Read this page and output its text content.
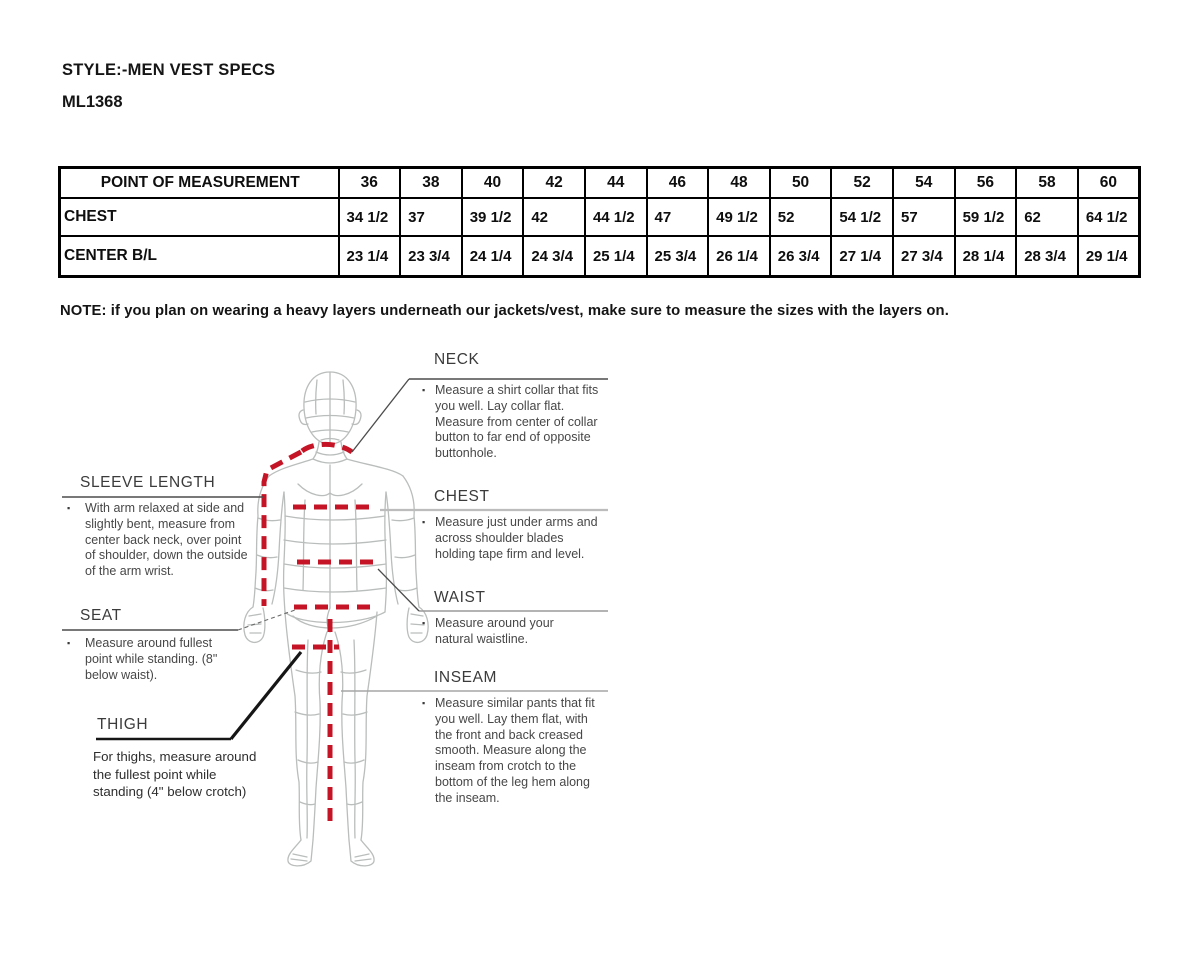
STYLE:-MEN VEST SPECS
ML1368
POINT OF MEASUREMENT	36	38	40	42	44	46	48	50	52	54	56	58	60
CHEST	34 1/2	37	39 1/2	42	44 1/2	47	49 1/2	52	54 1/2	57	59 1/2	62	64 1/2
CENTER B/L	23 1/4	23 3/4	24 1/4	24 3/4	25 1/4	25 3/4	26 1/4	26 3/4	27 1/4	27 3/4	28 1/4	28 3/4	29 1/4
NOTE: if you plan on wearing a heavy layers underneath our jackets/vest, make sure to measure the sizes with the layers on.
NECK
▪ Measure a shirt collar that fits you well. Lay collar flat. Measure from center of collar button to far end of opposite buttonhole.
CHEST
▪ Measure just under arms and across shoulder blades holding tape firm and level.
WAIST
▪ Measure around your natural waistline.
INSEAM
▪ Measure similar pants that fit you well. Lay them flat, with the front and back creased smooth. Measure along the inseam from crotch to the bottom of the leg hem along the inseam.
SLEEVE LENGTH
▪	With arm relaxed at side and slightly bent, measure from center back neck, over point of shoulder, down the outside of the arm wrist.
SEAT
▪	Measure around fullest point while standing. (8" below waist).
THIGH
For thighs, measure around the fullest point while standing (4" below crotch)
